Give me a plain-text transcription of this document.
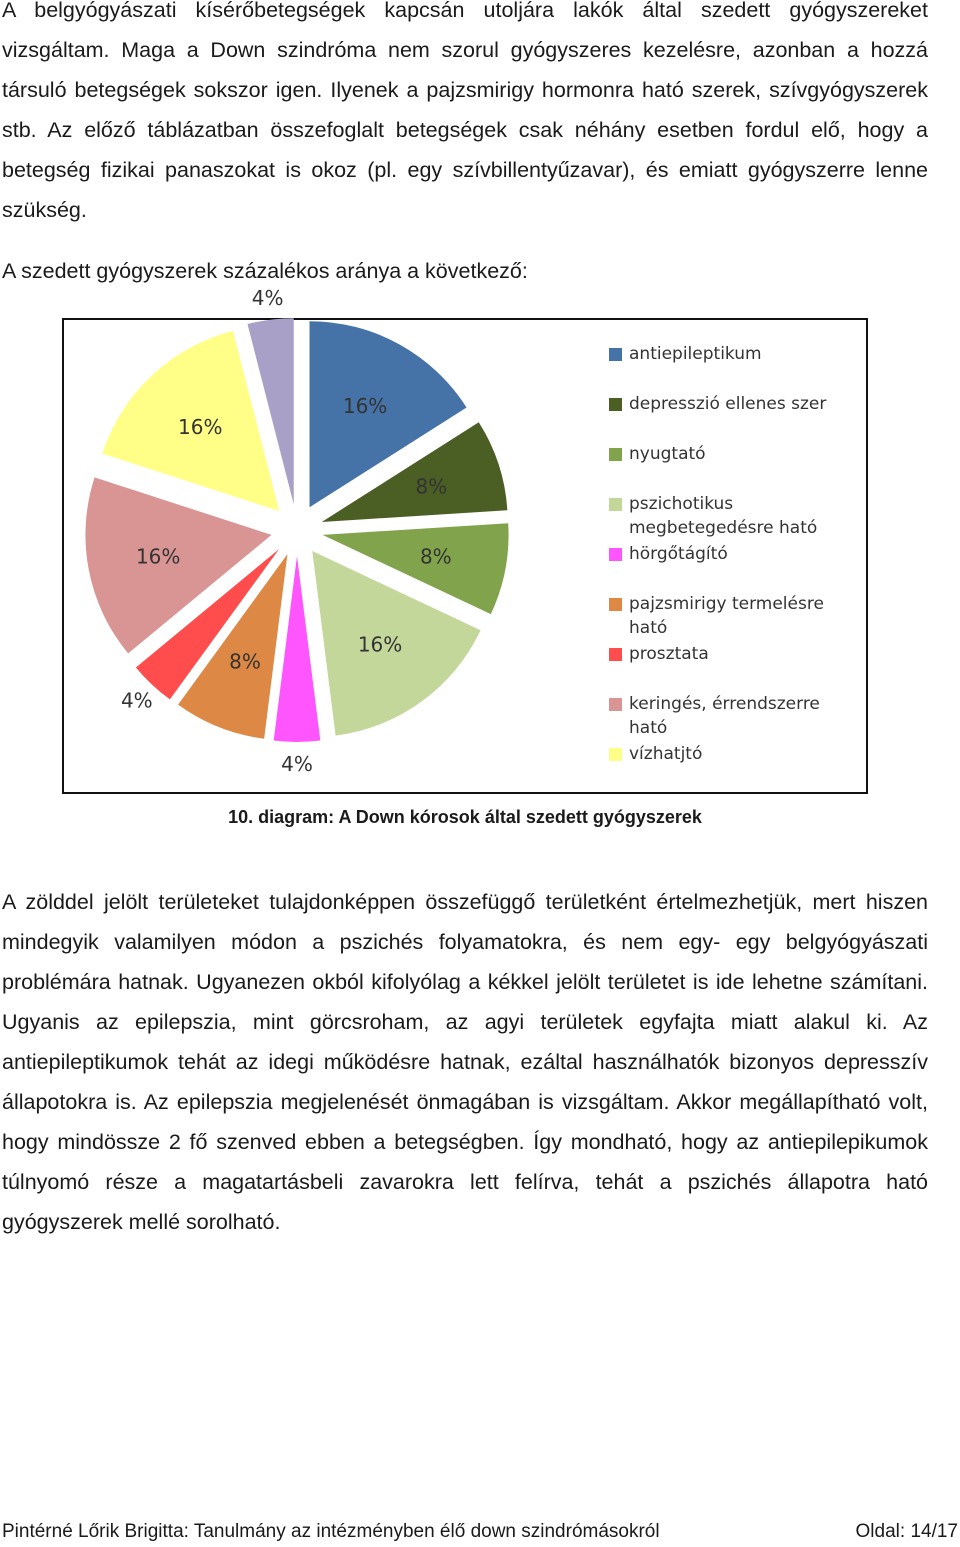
A belgyógyászati kísérőbetegségek kapcsán utoljára lakók által szedett gyógyszereket vizsgáltam. Maga a Down szindróma nem szorul gyógyszeres kezelésre, azonban a hozzá társuló betegségek sokszor igen. Ilyenek a pajzsmirigy hormonra ható szerek, szívgyógyszerek stb. Az előző táblázatban összefoglalt betegségek csak néhány esetben fordul elő, hogy a betegség fizikai panaszokat is okoz (pl. egy szívbillentyűzavar), és emiatt gyógyszerre lenne szükség.

A szedett gyógyszerek százalékos aránya a következő:

16%
8%
8%
16%
4%
8%
4%
16%
16%
4%
antiepileptikum
depresszió ellenes szer
nyugtató
pszichotikus megbetegedésre ható
hörgőtágító
pajzsmirigy termelésre ható
prosztata
keringés, érrendszerre ható
vízhatjtó
10. diagram: A Down kórosok által szedett gyógyszerek

A zölddel jelölt területeket tulajdonképpen összefüggő területként értelmezhetjük, mert hiszen mindegyik valamilyen módon a pszichés folyamatokra, és nem egy- egy belgyógyászati problémára hatnak. Ugyanezen okból kifolyólag a kékkel jelölt területet is ide lehetne számítani. Ugyanis az epilepszia, mint görcsroham, az agyi területek egyfajta miatt alakul ki. Az antiepileptikumok tehát az idegi működésre hatnak, ezáltal használhatók bizonyos depresszív állapotokra is. Az epilepszia megjelenését önmagában is vizsgáltam. Akkor megállapítható volt, hogy mindössze 2 fő szenved ebben a betegségben. Így mondható, hogy az antiepilepikumok túlnyomó része a magatartásbeli zavarokra lett felírva, tehát a pszichés állapotra ható gyógyszerek mellé sorolható.

Pintérné Lőrik Brigitta: Tanulmány az intézményben élő down szindrómásokról	Oldal: 14/17
